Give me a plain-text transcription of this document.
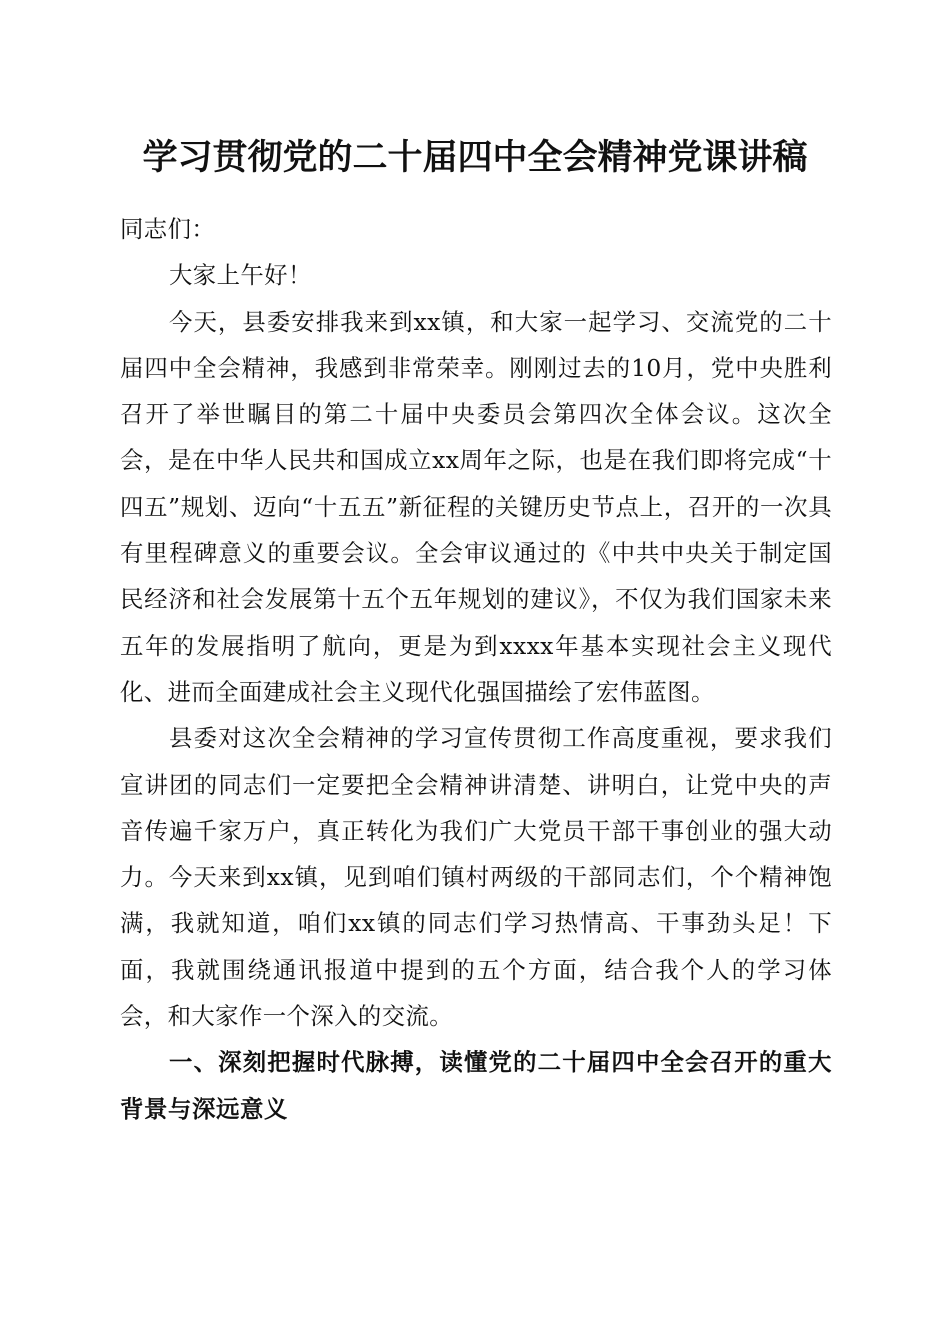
学习贯彻党的二十届四中全会精神党课讲稿

同志们：

大家上午好！

今天，县委安排我来到xx镇，和大家一起学习、交流党的二十届四中全会精神，我感到非常荣幸。刚刚过去的10月，党中央胜利召开了举世瞩目的第二十届中央委员会第四次全体会议。这次全会，是在中华人民共和国成立xx周年之际，也是在我们即将完成“十四五”规划、迈向“十五五”新征程的关键历史节点上，召开的一次具有里程碑意义的重要会议。全会审议通过的《中共中央关于制定国民经济和社会发展第十五个五年规划的建议》，不仅为我们国家未来五年的发展指明了航向，更是为到xxxx年基本实现社会主义现代化、进而全面建成社会主义现代化强国描绘了宏伟蓝图。

县委对这次全会精神的学习宣传贯彻工作高度重视，要求我们宣讲团的同志们一定要把全会精神讲清楚、讲明白，让党中央的声音传遍千家万户，真正转化为我们广大党员干部干事创业的强大动力。今天来到xx镇，见到咱们镇村两级的干部同志们，个个精神饱满，我就知道，咱们xx镇的同志们学习热情高、干事劲头足！下面，我就围绕通讯报道中提到的五个方面，结合我个人的学习体会，和大家作一个深入的交流。

一、深刻把握时代脉搏，读懂党的二十届四中全会召开的重大背景与深远意义
